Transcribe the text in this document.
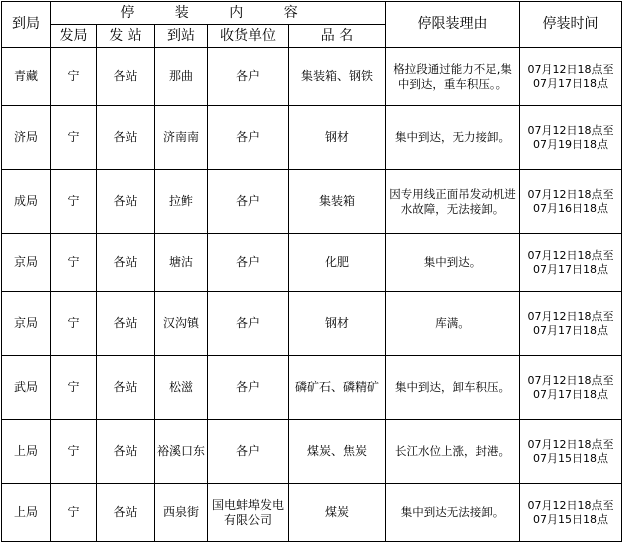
到局	停 装 内 容					停限装理由	停装时间
	发局	发 站	到站	收货单位	品 名		
青藏	宁	各站	那曲	各户	集装箱、钢铁	格拉段通过能力不足,集中到达，重车积压。。	07月12日18点至07月17日18点
济局	宁	各站	济南南	各户	钢材	集中到达，无力接卸。	07月12日18点至07月19日18点
成局	宁	各站	拉鲊	各户	集装箱	因专用线正面吊发动机进水故障，无法接卸。	07月12日18点至07月16日18点
京局	宁	各站	塘沽	各户	化肥	集中到达。	07月12日18点至07月17日18点
京局	宁	各站	汉沟镇	各户	钢材	库满。	07月12日18点至07月17日18点
武局	宁	各站	松滋	各户	磷矿石、磷精矿	集中到达，卸车积压。	07月12日18点至07月17日18点
上局	宁	各站	裕溪口东	各户	煤炭、焦炭	长江水位上涨，封港。	07月12日18点至07月15日18点
上局	宁	各站	西泉街	国电蚌埠发电有限公司	煤炭	集中到达无法接卸。	07月12日18点至07月15日18点
